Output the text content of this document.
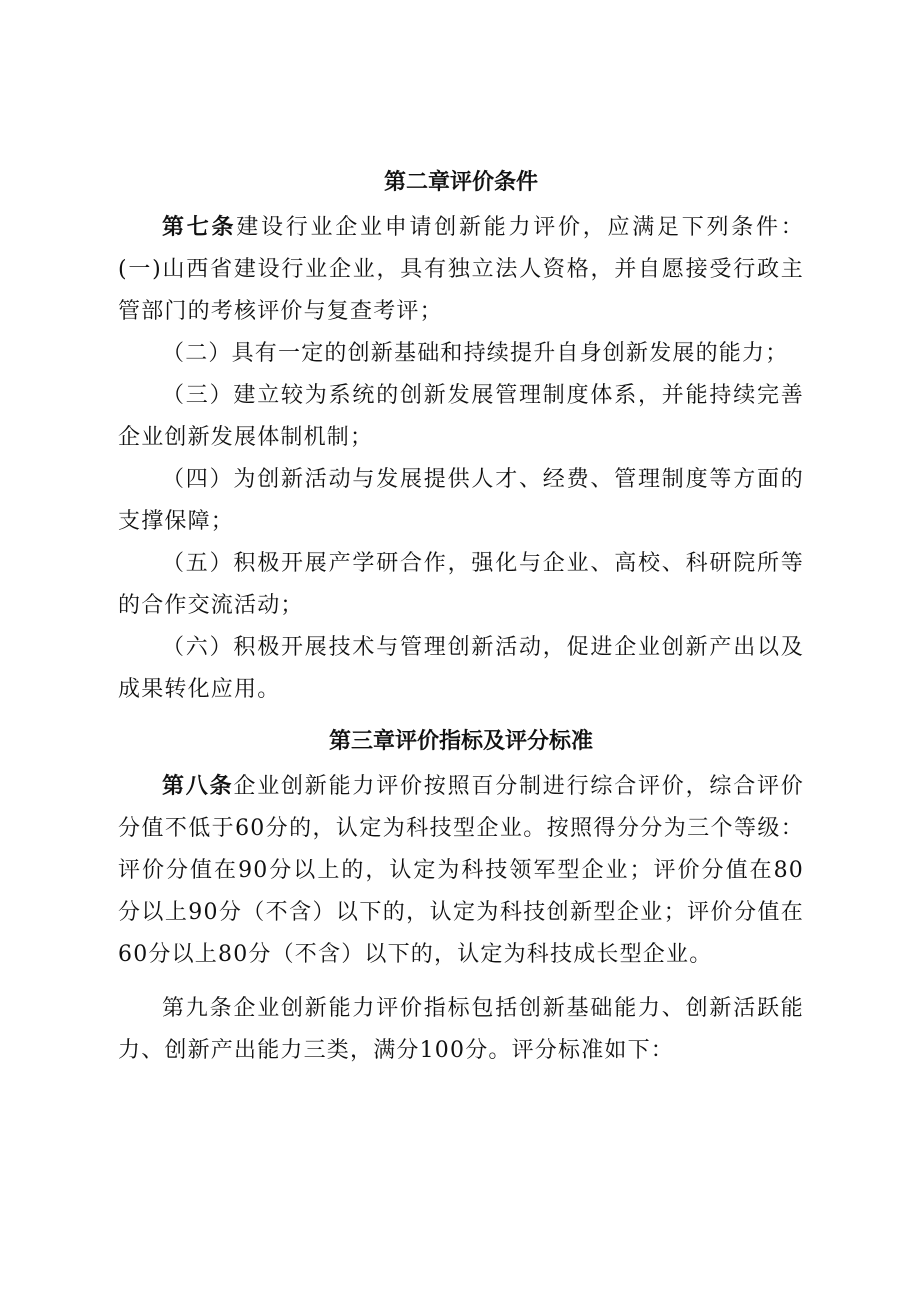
第二章评价条件

第七条建设行业企业申请创新能力评价，应满足下列条件：(一)山西省建设行业企业，具有独立法人资格，并自愿接受行政主管部门的考核评价与复查考评；

（二）具有一定的创新基础和持续提升自身创新发展的能力；

（三）建立较为系统的创新发展管理制度体系，并能持续完善企业创新发展体制机制；

（四）为创新活动与发展提供人才、经费、管理制度等方面的支撑保障；

（五）积极开展产学研合作，强化与企业、高校、科研院所等的合作交流活动；

（六）积极开展技术与管理创新活动，促进企业创新产出以及成果转化应用。

第三章评价指标及评分标准

第八条企业创新能力评价按照百分制进行综合评价，综合评价分值不低于60分的，认定为科技型企业。按照得分分为三个等级：评价分值在90分以上的，认定为科技领军型企业；评价分值在80分以上90分（不含）以下的，认定为科技创新型企业；评价分值在60分以上80分（不含）以下的，认定为科技成长型企业。

第九条企业创新能力评价指标包括创新基础能力、创新活跃能力、创新产出能力三类，满分100分。评分标准如下：
